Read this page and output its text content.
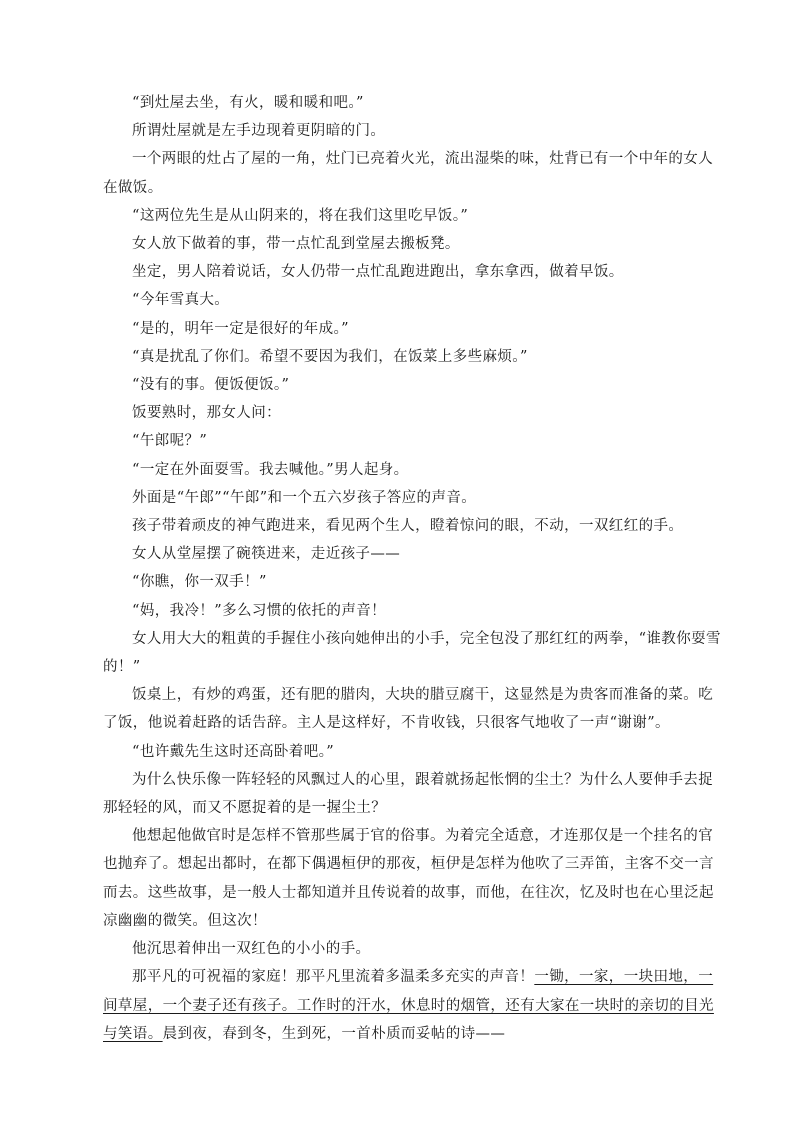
“到灶屋去坐，有火，暖和暖和吧。”

所谓灶屋就是左手边现着更阴暗的门。

一个两眼的灶占了屋的一角，灶门已亮着火光，流出湿柴的味，灶背已有一个中年的女人在做饭。

“这两位先生是从山阴来的，将在我们这里吃早饭。”

女人放下做着的事，带一点忙乱到堂屋去搬板凳。

坐定，男人陪着说话，女人仍带一点忙乱跑进跑出，拿东拿西，做着早饭。

“今年雪真大。

“是的，明年一定是很好的年成。”

“真是扰乱了你们。希望不要因为我们，在饭菜上多些麻烦。”

“没有的事。便饭便饭。”

饭要熟时，那女人问：

“午郎呢？”

“一定在外面耍雪。我去喊他。”男人起身。

外面是“午郎”“午郎”和一个五六岁孩子答应的声音。

孩子带着顽皮的神气跑进来，看见两个生人，瞪着惊问的眼，不动，一双红红的手。

女人从堂屋摆了碗筷进来，走近孩子——

“你瞧，你一双手！”

“妈，我冷！”多么习惯的依托的声音！

女人用大大的粗黄的手握住小孩向她伸出的小手，完全包没了那红红的两拳，“谁教你耍雪的！”

饭桌上，有炒的鸡蛋，还有肥的腊肉，大块的腊豆腐干，这显然是为贵客而准备的菜。吃了饭，他说着赶路的话告辞。主人是这样好，不肯收钱，只很客气地收了一声“谢谢”。

“也许戴先生这时还高卧着吧。”

为什么快乐像一阵轻轻的风飘过人的心里，跟着就扬起怅惘的尘土？为什么人要伸手去捉那轻轻的风，而又不愿捉着的是一握尘土？

他想起他做官时是怎样不管那些属于官的俗事。为着完全适意，才连那仅是一个挂名的官也抛弃了。想起出都时，在都下偶遇桓伊的那夜，桓伊是怎样为他吹了三弄笛，主客不交一言而去。这些故事，是一般人士都知道并且传说着的故事，而他，在往次，忆及时也在心里泛起凉幽幽的微笑。但这次！

他沉思着伸出一双红色的小小的手。

那平凡的可祝福的家庭！那平凡里流着多温柔多充实的声音！一锄，一家，一块田地，一间草屋，一个妻子还有孩子。工作时的汗水，休息时的烟管，还有大家在一块时的亲切的目光与笑语。晨到夜，春到冬，生到死，一首朴质而妥帖的诗——
